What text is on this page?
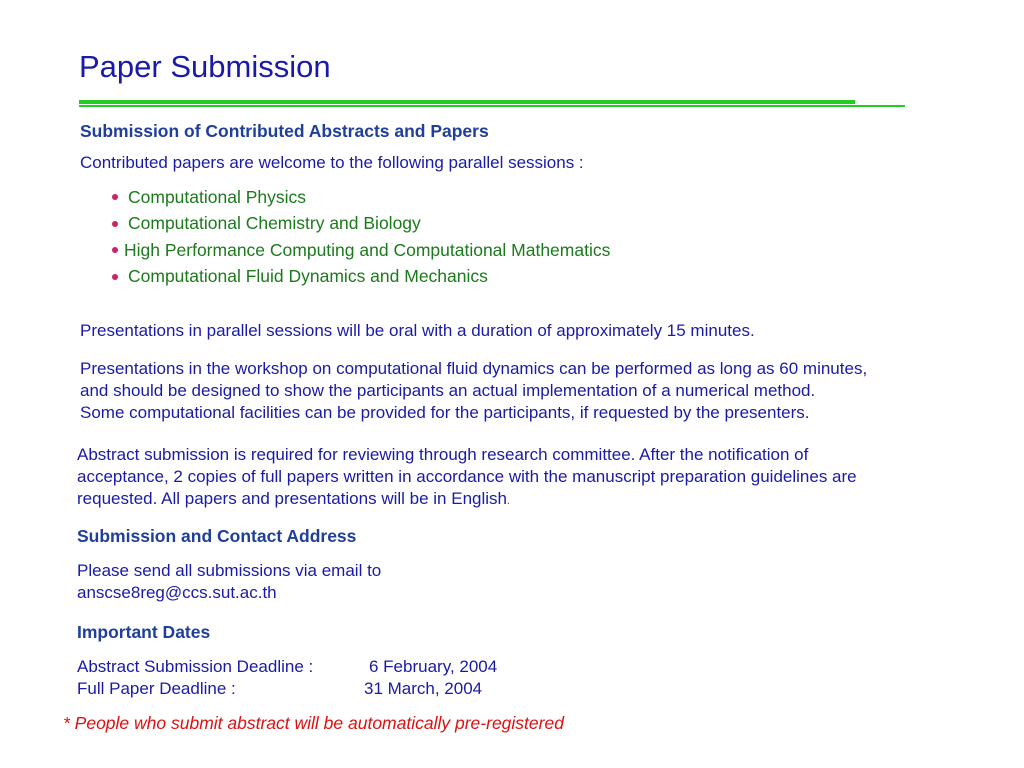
Paper Submission
Submission of Contributed Abstracts and Papers
Contributed papers are welcome to the following parallel sessions :
Computational Physics
Computational Chemistry and Biology
High Performance Computing and Computational Mathematics
Computational Fluid Dynamics and Mechanics
Presentations in parallel sessions will be oral with a duration of approximately 15 minutes.
Presentations in the workshop on computational fluid dynamics can be performed as long as 60 minutes,
and should be designed to show the participants an actual implementation of a numerical method.
Some computational facilities can be provided for the participants, if requested by the presenters.
Abstract submission is required for reviewing through research committee. After the notification of
acceptance, 2 copies of full papers written in accordance with the manuscript preparation guidelines are
requested. All papers and presentations will be in English.
Submission and Contact Address
Please send all submissions via email to
anscse8reg@ccs.sut.ac.th
Important Dates
Abstract Submission Deadline :	6 February, 2004
Full Paper Deadline :	31 March, 2004
* People who submit abstract will be automatically pre-registered
